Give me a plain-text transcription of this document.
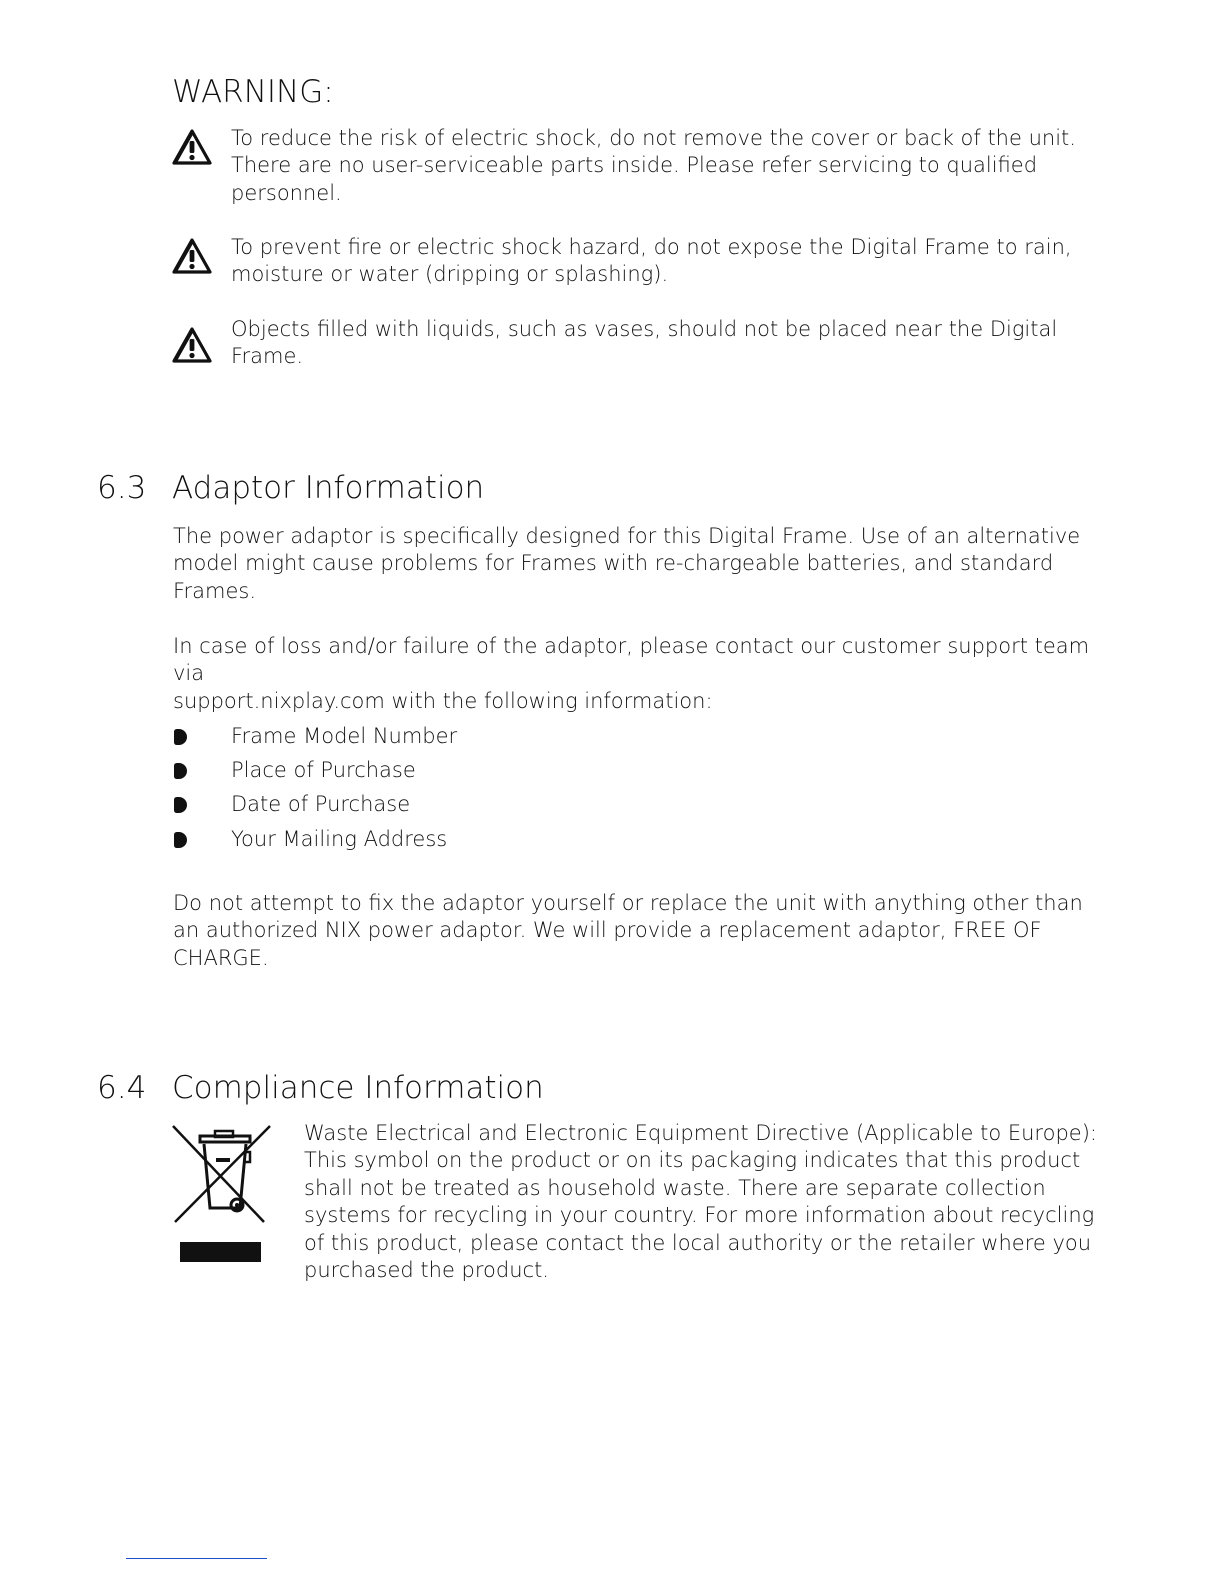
WARNING:

To reduce the risk of electric shock, do not remove the cover or back of the unit.

There are no user-serviceable parts inside. Please refer servicing to qualified

personnel.

To prevent fire or electric shock hazard, do not expose the Digital Frame to rain,

moisture or water (dripping or splashing).

Objects filled with liquids, such as vases, should not be placed near the Digital

Frame.

6.3 Adaptor Information

The power adaptor is specifically designed for this Digital Frame. Use of an alternative

model might cause problems for Frames with re-chargeable batteries, and standard

Frames.

In case of loss and/or failure of the adaptor, please contact our customer support team via

support.nixplay.com with the following information:

Frame Model Number
Place of Purchase
Date of Purchase
Your Mailing Address

Do not attempt to fix the adaptor yourself or replace the unit with anything other than

an authorized NIX power adaptor. We will provide a replacement adaptor, FREE OF

CHARGE.

6.4 Compliance Information

Waste Electrical and Electronic Equipment Directive (Applicable to Europe):

This symbol on the product or on its packaging indicates that this product

shall not be treated as household waste. There are separate collection

systems for recycling in your country. For more information about recycling

of this product, please contact the local authority or the retailer where you

purchased the product.
